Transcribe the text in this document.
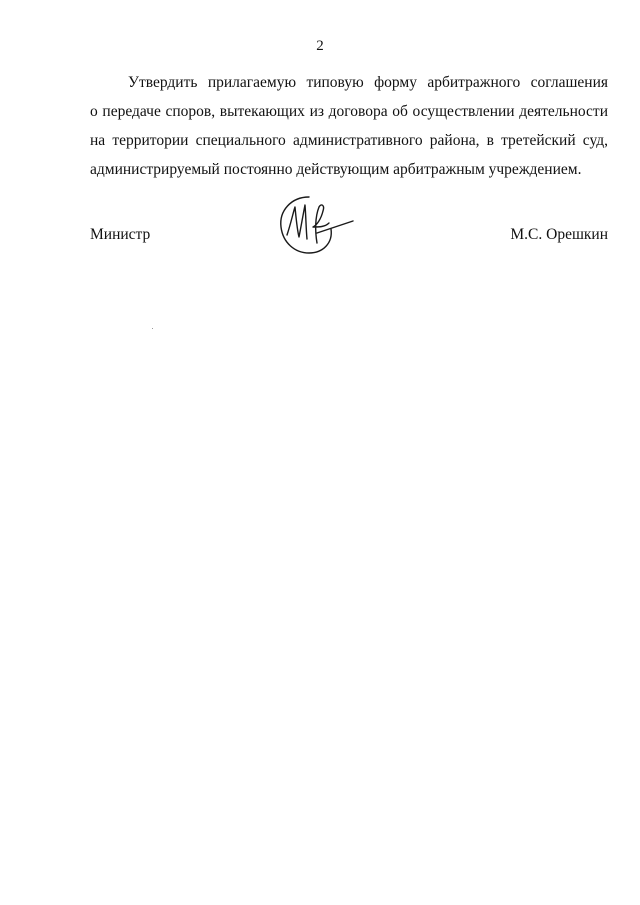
2
Утвердить прилагаемую типовую форму арбитражного соглашения
о передаче споров, вытекающих из договора об осуществлении деятельности
на территории специального административного района, в третейский суд,
администрируемый постоянно действующим арбитражным учреждением.
Министр	М.С. Орешкин
